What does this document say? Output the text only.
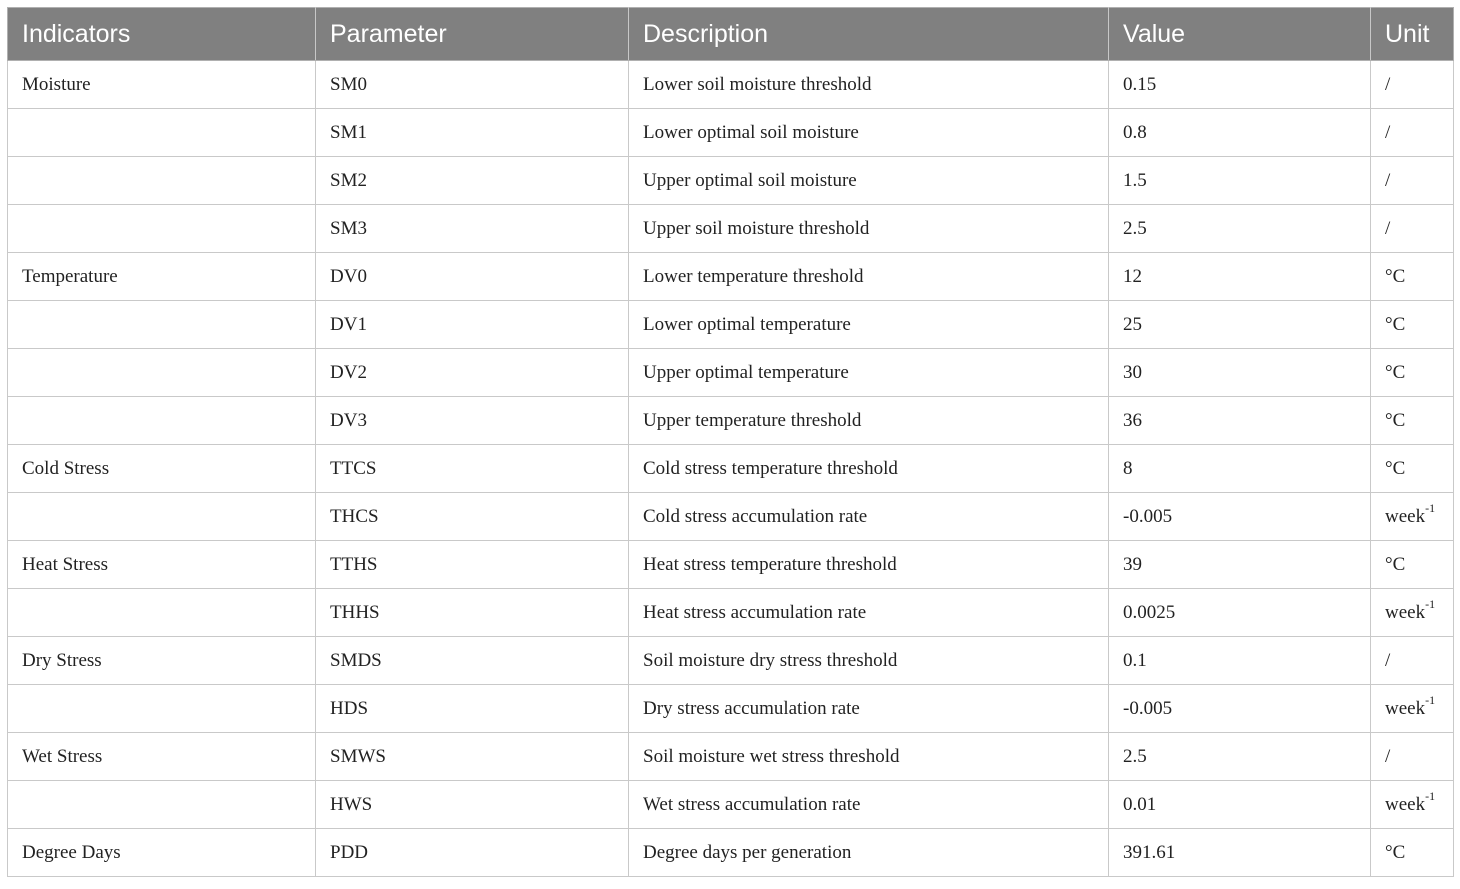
Indicators	Parameter	Description	Value	Unit
Moisture	SM0	Lower soil moisture threshold	0.15	/
	SM1	Lower optimal soil moisture	0.8	/
	SM2	Upper optimal soil moisture	1.5	/
	SM3	Upper soil moisture threshold	2.5	/
Temperature	DV0	Lower temperature threshold	12	°C
	DV1	Lower optimal temperature	25	°C
	DV2	Upper optimal temperature	30	°C
	DV3	Upper temperature threshold	36	°C
Cold Stress	TTCS	Cold stress temperature threshold	8	°C
	THCS	Cold stress accumulation rate	-0.005	week$^{-1}$
Heat Stress	TTHS	Heat stress temperature threshold	39	°C
	THHS	Heat stress accumulation rate	0.0025	week$^{-1}$
Dry Stress	SMDS	Soil moisture dry stress threshold	0.1	/
	HDS	Dry stress accumulation rate	-0.005	week$^{-1}$
Wet Stress	SMWS	Soil moisture wet stress threshold	2.5	/
	HWS	Wet stress accumulation rate	0.01	week$^{-1}$
Degree Days	PDD	Degree days per generation	391.61	°C
